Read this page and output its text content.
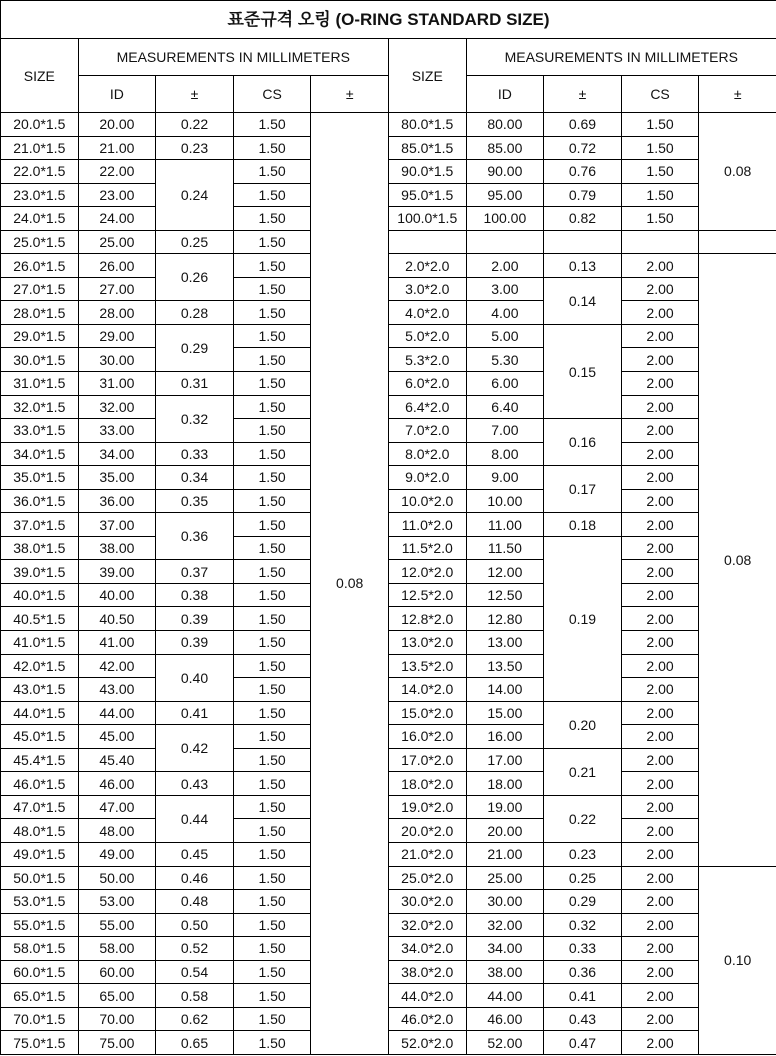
표준규격 오링 (O-RING STANDARD SIZE)									
SIZE	MEASUREMENTS IN MILLIMETERS				SIZE	MEASUREMENTS IN MILLIMETERS			
	ID	±	CS	±		ID	±	CS	±
20.0*1.5	20.00	0.22	1.50	0.08	80.0*1.5	80.00	0.69	1.50	0.08
21.0*1.5	21.00	0.23	1.50		85.0*1.5	85.00	0.72	1.50	
22.0*1.5	22.00	0.24	1.50		90.0*1.5	90.00	0.76	1.50	
23.0*1.5	23.00		1.50		95.0*1.5	95.00	0.79	1.50	
24.0*1.5	24.00		1.50		100.0*1.5	100.00	0.82	1.50	
25.0*1.5	25.00	0.25	1.50						
26.0*1.5	26.00	0.26	1.50		2.0*2.0	2.00	0.13	2.00	0.08
27.0*1.5	27.00		1.50		3.0*2.0	3.00	0.14	2.00	
28.0*1.5	28.00	0.28	1.50		4.0*2.0	4.00		2.00	
29.0*1.5	29.00	0.29	1.50		5.0*2.0	5.00	0.15	2.00	
30.0*1.5	30.00		1.50		5.3*2.0	5.30		2.00	
31.0*1.5	31.00	0.31	1.50		6.0*2.0	6.00		2.00	
32.0*1.5	32.00	0.32	1.50		6.4*2.0	6.40		2.00	
33.0*1.5	33.00		1.50		7.0*2.0	7.00	0.16	2.00	
34.0*1.5	34.00	0.33	1.50		8.0*2.0	8.00		2.00	
35.0*1.5	35.00	0.34	1.50		9.0*2.0	9.00	0.17	2.00	
36.0*1.5	36.00	0.35	1.50		10.0*2.0	10.00		2.00	
37.0*1.5	37.00	0.36	1.50		11.0*2.0	11.00	0.18	2.00	
38.0*1.5	38.00		1.50		11.5*2.0	11.50	0.19	2.00	
39.0*1.5	39.00	0.37	1.50		12.0*2.0	12.00		2.00	
40.0*1.5	40.00	0.38	1.50		12.5*2.0	12.50		2.00	
40.5*1.5	40.50	0.39	1.50		12.8*2.0	12.80		2.00	
41.0*1.5	41.00	0.39	1.50		13.0*2.0	13.00		2.00	
42.0*1.5	42.00	0.40	1.50		13.5*2.0	13.50		2.00	
43.0*1.5	43.00		1.50		14.0*2.0	14.00		2.00	
44.0*1.5	44.00	0.41	1.50		15.0*2.0	15.00	0.20	2.00	
45.0*1.5	45.00	0.42	1.50		16.0*2.0	16.00		2.00	
45.4*1.5	45.40		1.50		17.0*2.0	17.00	0.21	2.00	
46.0*1.5	46.00	0.43	1.50		18.0*2.0	18.00		2.00	
47.0*1.5	47.00	0.44	1.50		19.0*2.0	19.00	0.22	2.00	
48.0*1.5	48.00		1.50		20.0*2.0	20.00		2.00	
49.0*1.5	49.00	0.45	1.50		21.0*2.0	21.00	0.23	2.00	
50.0*1.5	50.00	0.46	1.50		25.0*2.0	25.00	0.25	2.00	0.10
53.0*1.5	53.00	0.48	1.50		30.0*2.0	30.00	0.29	2.00	
55.0*1.5	55.00	0.50	1.50		32.0*2.0	32.00	0.32	2.00	
58.0*1.5	58.00	0.52	1.50		34.0*2.0	34.00	0.33	2.00	
60.0*1.5	60.00	0.54	1.50		38.0*2.0	38.00	0.36	2.00	
65.0*1.5	65.00	0.58	1.50		44.0*2.0	44.00	0.41	2.00	
70.0*1.5	70.00	0.62	1.50		46.0*2.0	46.00	0.43	2.00	
75.0*1.5	75.00	0.65	1.50		52.0*2.0	52.00	0.47	2.00	
